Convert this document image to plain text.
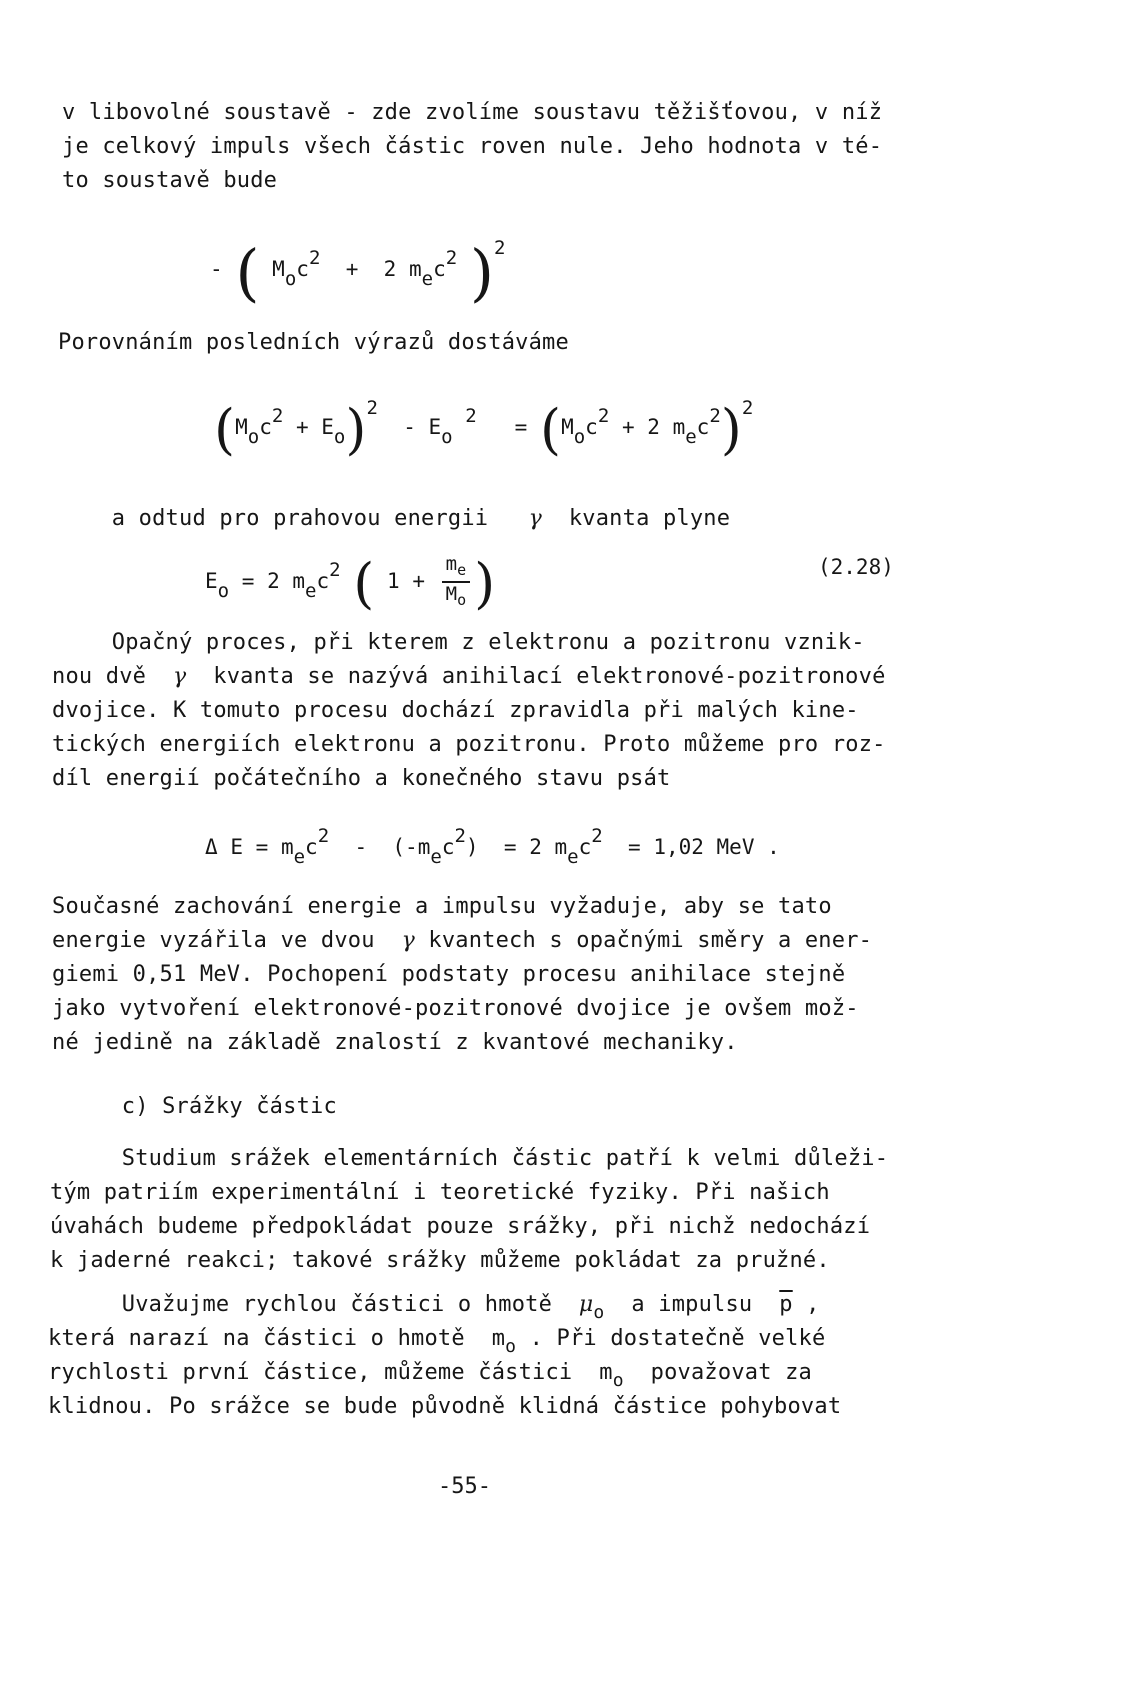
v libovolné soustavě - zde zvolíme soustavu těžišťovou, v níž
je celkový impuls všech částic roven nule. Jeho hodnota v té-
to soustavě bude
- ( $M_oc^2 + 2$ $m_ec^2$ )$^2$
Porovnáním posledních výrazů dostáváme
$(M_oc^2 + E_o)^2 - E_o$ $^2 = (M_oc^2 + 2$ $m_ec^2)^2$

a odtud pro prahovou energii γ kvanta plyne

$E_o = 2$ $m_ec^2$ ( $1 + \frac{m_e}{M_o}$ )	(2.28)
Opačný proces, při kterem z elektronu a pozitronu vznik-
nou dvě γ kvanta se nazývá anihilací elektronové-pozitronové
dvojice. K tomuto procesu dochází zpravidla při malých kine-
tických energiích elektronu a pozitronu. Proto můžeme pro roz-
díl energií počátečního a konečného stavu psát
Δ $E = m_ec^2 - (-m_ec^2) = 2$ $m_ec^2 = 1,02$ MeV .
Současné zachování energie a impulsu vyžaduje, aby se tato
energie vyzářila ve dvou γ kvantech s opačnými směry a ener-
giemi 0,51 MeV. Pochopení podstaty procesu anihilace stejně
jako vytvoření elektronové-pozitronové dvojice je ovšem mož-
né jedině na základě znalostí z kvantové mechaniky.
c) Srážky částic
Studium srážek elementárních částic patří k velmi důleži-
tým patriím experimentální i teoretické fyziky. Při našich
úvahách budeme předpokládat pouze srážky, při nichž nedochází
k jaderné reakci; takové srážky můžeme pokládat za pružné.
Uvažujme rychlou částici o hmotě $\mu_o$ a impulsu $\overline{p}$ ,
která narazí na částici o hmotě $m_o$ . Při dostatečně velké
rychlosti první částice, můžeme částici $m_o$ považovat za
klidnou. Po srážce se bude původně klidná částice pohybovat
-55-
